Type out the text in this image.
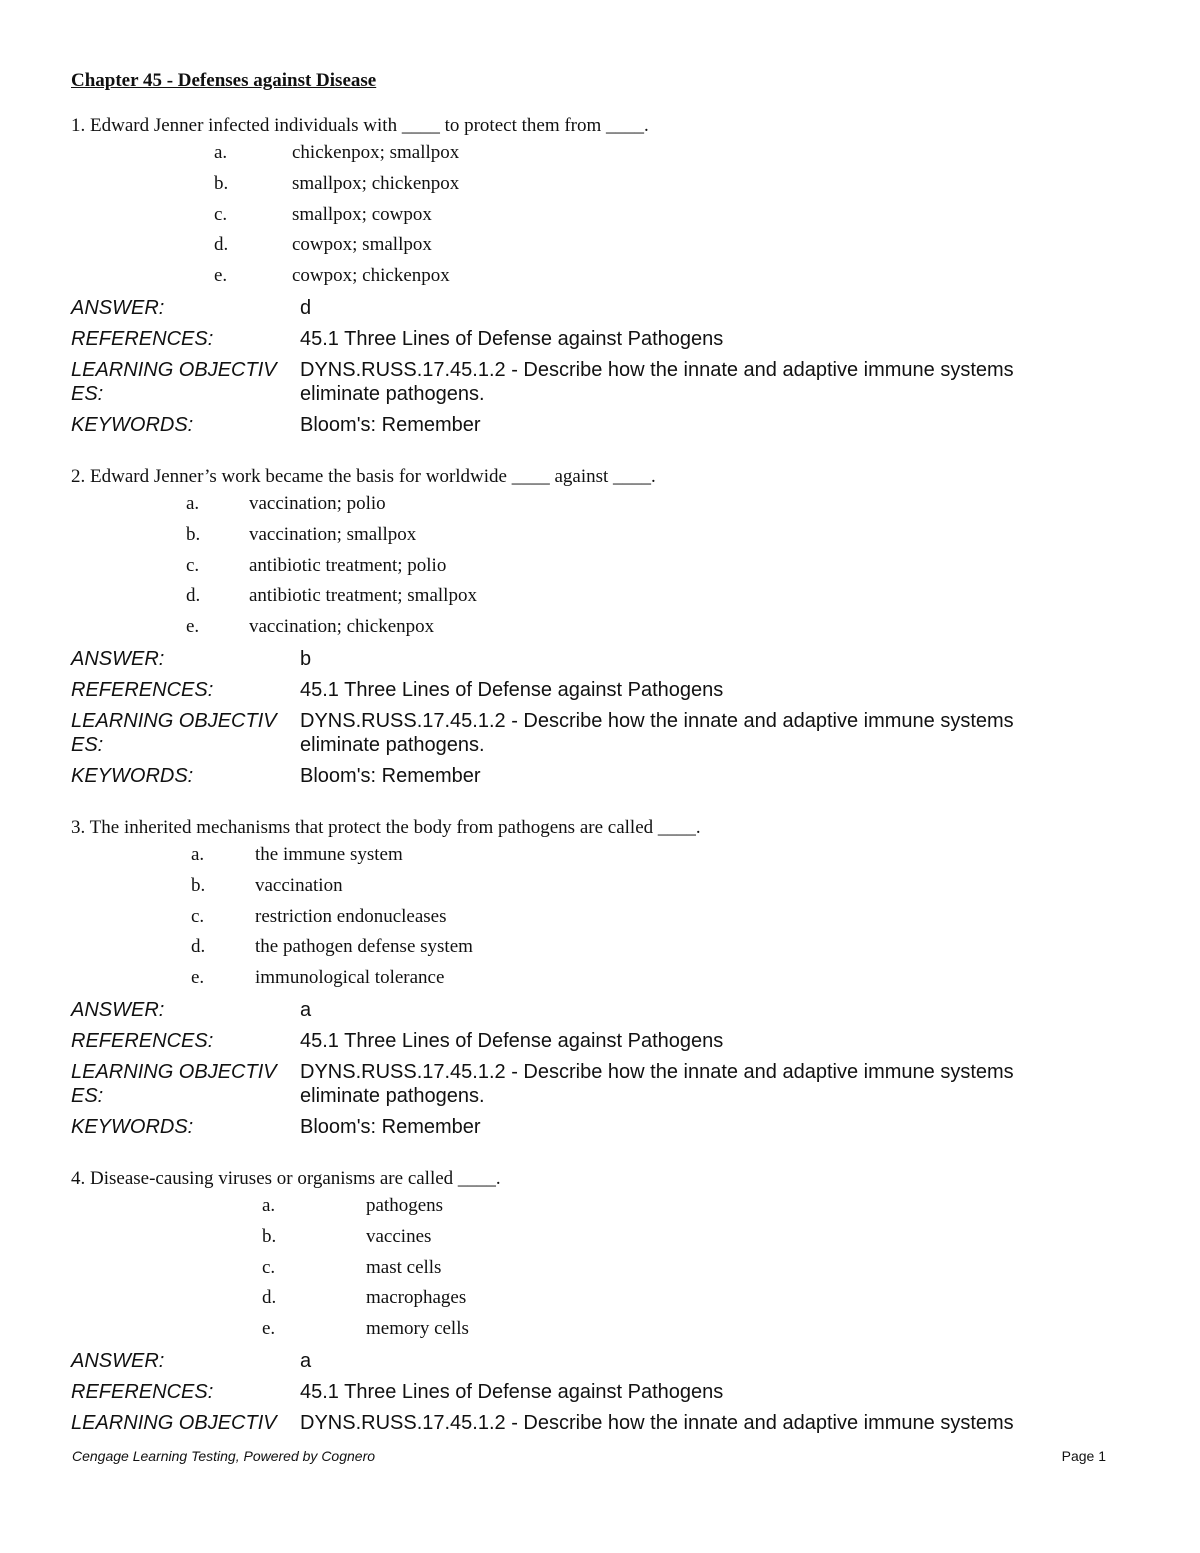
Chapter 45 - Defenses against Disease
1. Edward Jenner infected individuals with ____ to protect them from ____.
a.	chickenpox; smallpox
b.	smallpox; chickenpox
c.	smallpox; cowpox
d.	cowpox; smallpox
e.	cowpox; chickenpox
ANSWER:	d
REFERENCES:	45.1 Three Lines of Defense against Pathogens
LEARNING OBJECTIV	DYNS.RUSS.17.45.1.2 - Describe how the innate and adaptive immune systems
ES:	eliminate pathogens.
KEYWORDS:	Bloom's: Remember
2. Edward Jenner’s work became the basis for worldwide ____ against ____.
a.	vaccination; polio
b.	vaccination; smallpox
c.	antibiotic treatment; polio
d.	antibiotic treatment; smallpox
e.	vaccination; chickenpox
ANSWER:	b
REFERENCES:	45.1 Three Lines of Defense against Pathogens
LEARNING OBJECTIV	DYNS.RUSS.17.45.1.2 - Describe how the innate and adaptive immune systems
ES:	eliminate pathogens.
KEYWORDS:	Bloom's: Remember
3. The inherited mechanisms that protect the body from pathogens are called ____.
a.	the immune system
b.	vaccination
c.	restriction endonucleases
d.	the pathogen defense system
e.	immunological tolerance
ANSWER:	a
REFERENCES:	45.1 Three Lines of Defense against Pathogens
LEARNING OBJECTIV	DYNS.RUSS.17.45.1.2 - Describe how the innate and adaptive immune systems
ES:	eliminate pathogens.
KEYWORDS:	Bloom's: Remember
4. Disease-causing viruses or organisms are called ____.
a.	pathogens
b.	vaccines
c.	mast cells
d.	macrophages
e.	memory cells
ANSWER:	a
REFERENCES:	45.1 Three Lines of Defense against Pathogens
LEARNING OBJECTIV	DYNS.RUSS.17.45.1.2 - Describe how the innate and adaptive immune systems
Cengage Learning Testing, Powered by Cognero	Page 1
